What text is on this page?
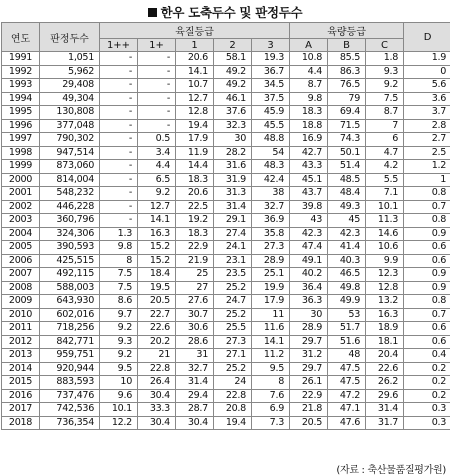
한우 도축두수 및 판정두수
연도	판정두수	육질등급					육량등급			D
		1++	1+	1	2	3	A	B	C	
1991	1,051	-	-	20.6	58.1	19.3	10.8	85.5	1.8	1.9
1992	5,962	-	-	14.1	49.2	36.7	4.4	86.3	9.3	0
1993	29,408	-	-	10.7	49.2	34.5	8.7	76.5	9.2	5.6
1994	49,304	-	-	12.7	46.1	37.5	9.8	79	7.5	3.6
1995	130,808	-	-	12.8	37.6	45.9	18.3	69.4	8.7	3.7
1996	377,048	-	-	19.4	32.3	45.5	18.8	71.5	7	2.8
1997	790,302	-	0.5	17.9	30	48.8	16.9	74.3	6	2.7
1998	947,514	-	3.4	11.9	28.2	54	42.7	50.1	4.7	2.5
1999	873,060	-	4.4	14.4	31.6	48.3	43.3	51.4	4.2	1.2
2000	814,004	-	6.5	18.3	31.9	42.4	45.1	48.5	5.5	1
2001	548,232	-	9.2	20.6	31.3	38	43.7	48.4	7.1	0.8
2002	446,228	-	12.7	22.5	31.4	32.7	39.8	49.3	10.1	0.7
2003	360,796	-	14.1	19.2	29.1	36.9	43	45	11.3	0.8
2004	324,306	1.3	16.3	18.3	27.4	35.8	42.3	42.3	14.6	0.9
2005	390,593	9.8	15.2	22.9	24.1	27.3	47.4	41.4	10.6	0.6
2006	425,515	8	15.2	21.9	23.1	28.9	49.1	40.3	9.9	0.6
2007	492,115	7.5	18.4	25	23.5	25.1	40.2	46.5	12.3	0.9
2008	588,003	7.5	19.5	27	25.2	19.9	36.4	49.8	12.8	0.9
2009	643,930	8.6	20.5	27.6	24.7	17.9	36.3	49.9	13.2	0.8
2010	602,016	9.7	22.7	30.7	25.2	11	30	53	16.3	0.7
2011	718,256	9.2	22.6	30.6	25.5	11.6	28.9	51.7	18.9	0.6
2012	842,771	9.3	20.2	28.6	27.3	14.1	29.7	51.6	18.1	0.6
2013	959,751	9.2	21	31	27.1	11.2	31.2	48	20.4	0.4
2014	920,944	9.5	22.8	32.7	25.2	9.5	29.7	47.5	22.6	0.2
2015	883,593	10	26.4	31.4	24	8	26.1	47.5	26.2	0.2
2016	737,476	9.6	30.4	29.4	22.8	7.6	22.9	47.2	29.6	0.2
2017	742,536	10.1	33.3	28.7	20.8	6.9	21.8	47.1	31.4	0.3
2018	736,354	12.2	30.4	30.4	19.4	7.3	20.5	47.6	31.7	0.3
(자료 : 축산물품질평가원)
